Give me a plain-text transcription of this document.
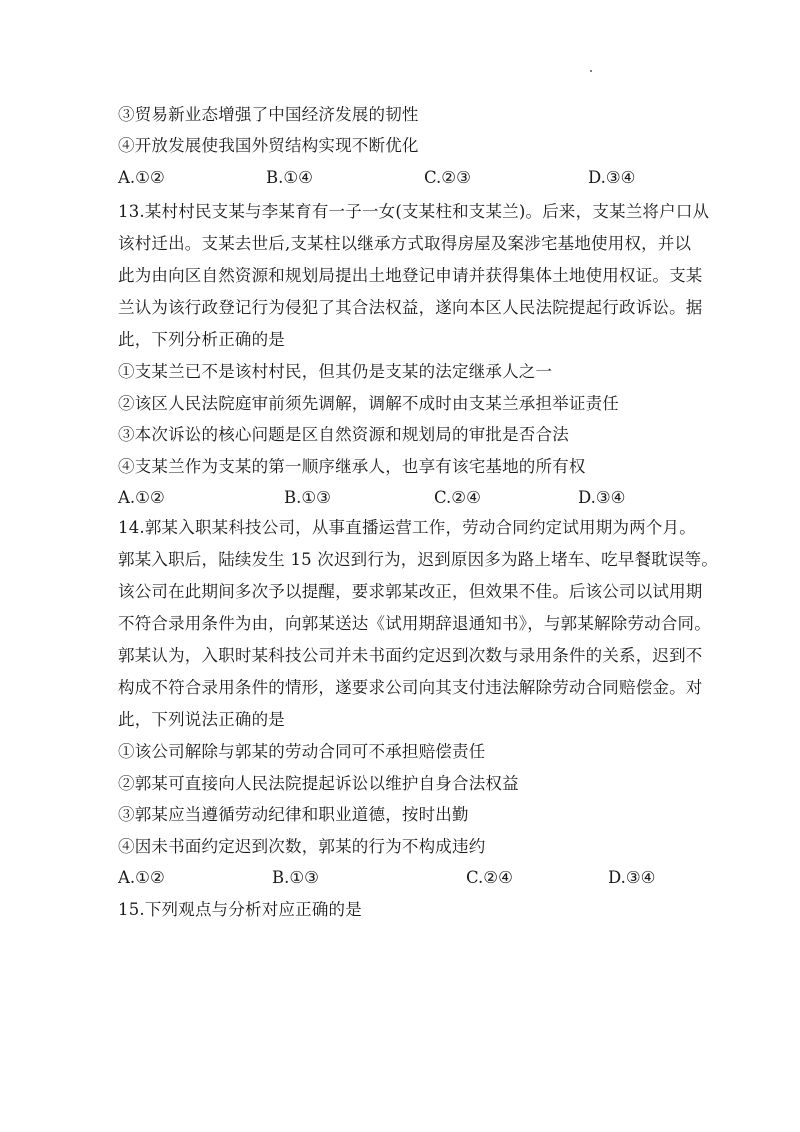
③贸易新业态增强了中国经济发展的韧性
④开放发展使我国外贸结构实现不断优化
A.①②	B.①④	C.②③	D.③④
13.某村村民支某与李某育有一子一女(支某柱和支某兰)。后来，支某兰将户口从
该村迁出。支某去世后,支某柱以继承方式取得房屋及案涉宅基地使用权，并以
此为由向区自然资源和规划局提出土地登记申请并获得集体土地使用权证。支某
兰认为该行政登记行为侵犯了其合法权益，遂向本区人民法院提起行政诉讼。据
此，下列分析正确的是
①支某兰已不是该村村民，但其仍是支某的法定继承人之一
②该区人民法院庭审前须先调解，调解不成时由支某兰承担举证责任
③本次诉讼的核心问题是区自然资源和规划局的审批是否合法
④支某兰作为支某的第一顺序继承人，也享有该宅基地的所有权
A.①②	B.①③	C.②④	D.③④
14.郭某入职某科技公司，从事直播运营工作，劳动合同约定试用期为两个月。
郭某入职后，陆续发生 15 次迟到行为，迟到原因多为路上堵车、吃早餐耽误等。
该公司在此期间多次予以提醒，要求郭某改正，但效果不佳。后该公司以试用期
不符合录用条件为由，向郭某送达《试用期辞退通知书》，与郭某解除劳动合同。
郭某认为，入职时某科技公司并未书面约定迟到次数与录用条件的关系，迟到不
构成不符合录用条件的情形，遂要求公司向其支付违法解除劳动合同赔偿金。对
此，下列说法正确的是
①该公司解除与郭某的劳动合同可不承担赔偿责任
②郭某可直接向人民法院提起诉讼以维护自身合法权益
③郭某应当遵循劳动纪律和职业道德，按时出勤
④因未书面约定迟到次数，郭某的行为不构成违约
A.①②	B.①③	C.②④	D.③④
15.下列观点与分析对应正确的是
